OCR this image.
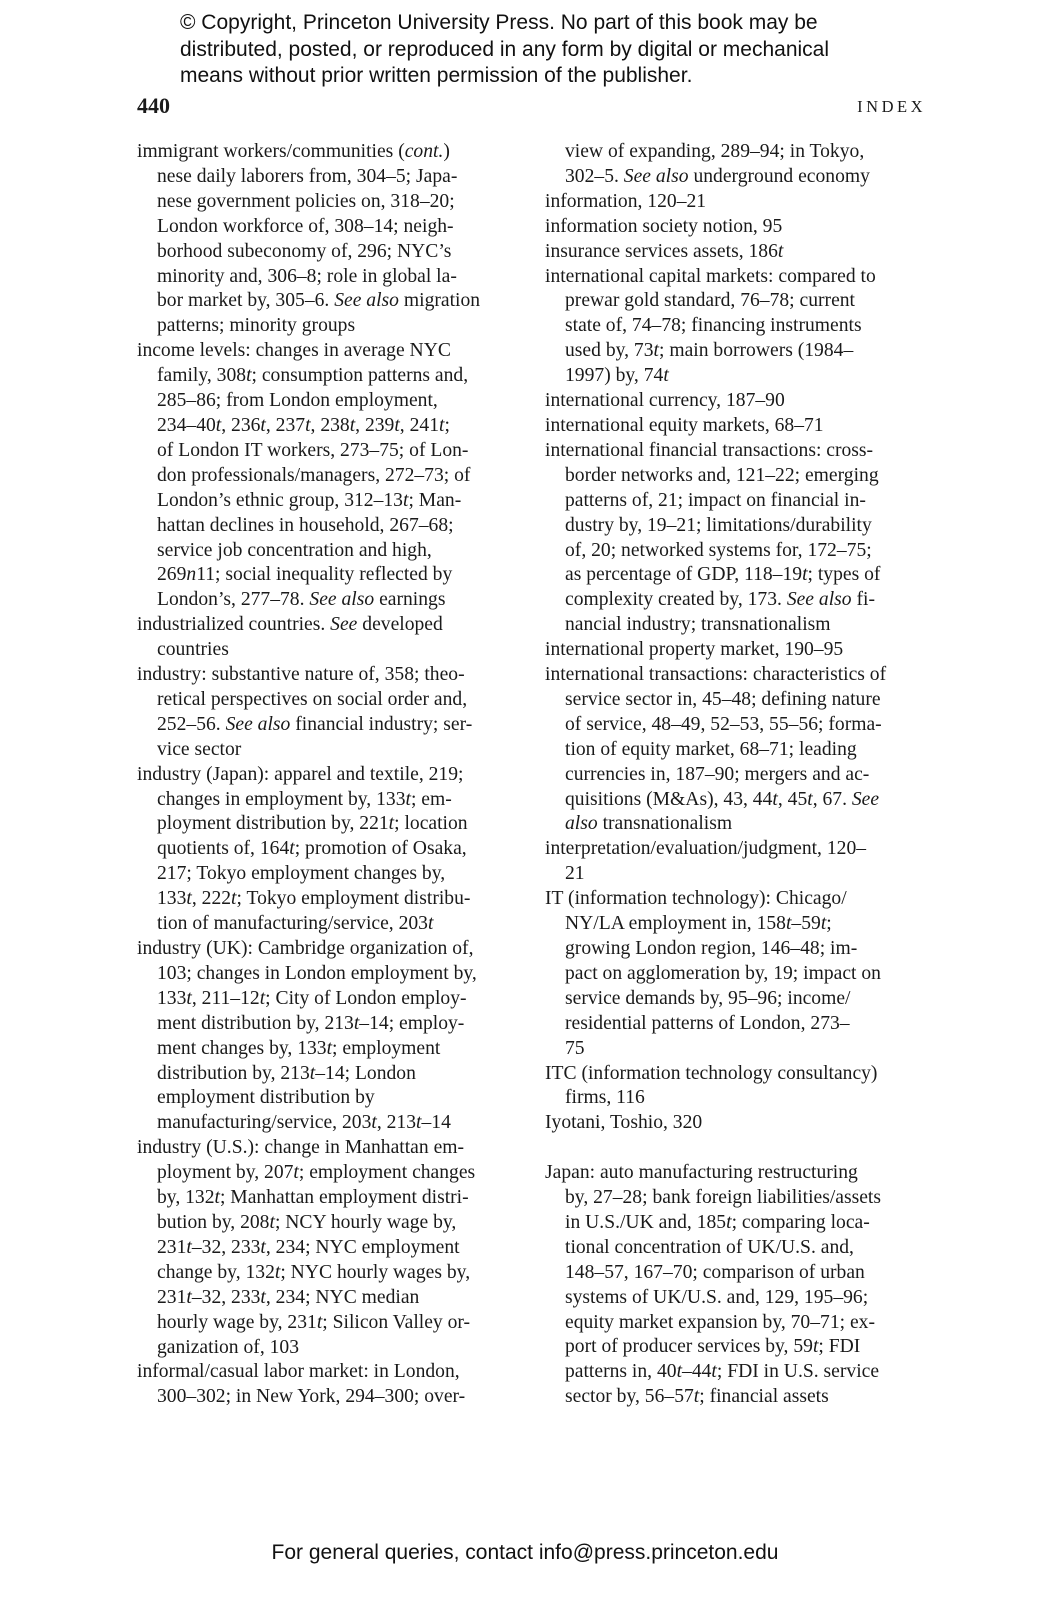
© Copyright, Princeton University Press. No part of this book may be
distributed, posted, or reproduced in any form by digital or mechanical
means without prior written permission of the publisher.
440	INDEX
immigrant workers/communities (cont.)
nese daily laborers from, 304–5; Japa-
nese government policies on, 318–20;
London workforce of, 308–14; neigh-
borhood subeconomy of, 296; NYC’s
minority and, 306–8; role in global la-
bor market by, 305–6. See also migration
patterns; minority groups
income levels: changes in average NYC
family, 308t; consumption patterns and,
285–86; from London employment,
234–40t, 236t, 237t, 238t, 239t, 241t;
of London IT workers, 273–75; of Lon-
don professionals/managers, 272–73; of
London’s ethnic group, 312–13t; Man-
hattan declines in household, 267–68;
service job concentration and high,
269n11; social inequality reflected by
London’s, 277–78. See also earnings
industrialized countries. See developed
countries
industry: substantive nature of, 358; theo-
retical perspectives on social order and,
252–56. See also financial industry; ser-
vice sector
industry (Japan): apparel and textile, 219;
changes in employment by, 133t; em-
ployment distribution by, 221t; location
quotients of, 164t; promotion of Osaka,
217; Tokyo employment changes by,
133t, 222t; Tokyo employment distribu-
tion of manufacturing/service, 203t
industry (UK): Cambridge organization of,
103; changes in London employment by,
133t, 211–12t; City of London employ-
ment distribution by, 213t–14; employ-
ment changes by, 133t; employment
distribution by, 213t–14; London
employment distribution by
manufacturing/service, 203t, 213t–14
industry (U.S.): change in Manhattan em-
ployment by, 207t; employment changes
by, 132t; Manhattan employment distri-
bution by, 208t; NCY hourly wage by,
231t–32, 233t, 234; NYC employment
change by, 132t; NYC hourly wages by,
231t–32, 233t, 234; NYC median
hourly wage by, 231t; Silicon Valley or-
ganization of, 103
informal/casual labor market: in London,
300–302; in New York, 294–300; over-
view of expanding, 289–94; in Tokyo,
302–5. See also underground economy
information, 120–21
information society notion, 95
insurance services assets, 186t
international capital markets: compared to
prewar gold standard, 76–78; current
state of, 74–78; financing instruments
used by, 73t; main borrowers (1984–
1997) by, 74t
international currency, 187–90
international equity markets, 68–71
international financial transactions: cross-
border networks and, 121–22; emerging
patterns of, 21; impact on financial in-
dustry by, 19–21; limitations/durability
of, 20; networked systems for, 172–75;
as percentage of GDP, 118–19t; types of
complexity created by, 173. See also fi-
nancial industry; transnationalism
international property market, 190–95
international transactions: characteristics of
service sector in, 45–48; defining nature
of service, 48–49, 52–53, 55–56; forma-
tion of equity market, 68–71; leading
currencies in, 187–90; mergers and ac-
quisitions (M&As), 43, 44t, 45t, 67. See
also transnationalism
interpretation/evaluation/judgment, 120–
21
IT (information technology): Chicago/
NY/LA employment in, 158t–59t;
growing London region, 146–48; im-
pact on agglomeration by, 19; impact on
service demands by, 95–96; income/
residential patterns of London, 273–
75
ITC (information technology consultancy)
firms, 116
Iyotani, Toshio, 320
Japan: auto manufacturing restructuring
by, 27–28; bank foreign liabilities/assets
in U.S./UK and, 185t; comparing loca-
tional concentration of UK/U.S. and,
148–57, 167–70; comparison of urban
systems of UK/U.S. and, 129, 195–96;
equity market expansion by, 70–71; ex-
port of producer services by, 59t; FDI
patterns in, 40t–44t; FDI in U.S. service
sector by, 56–57t; financial assets
For general queries, contact info@press.princeton.edu
